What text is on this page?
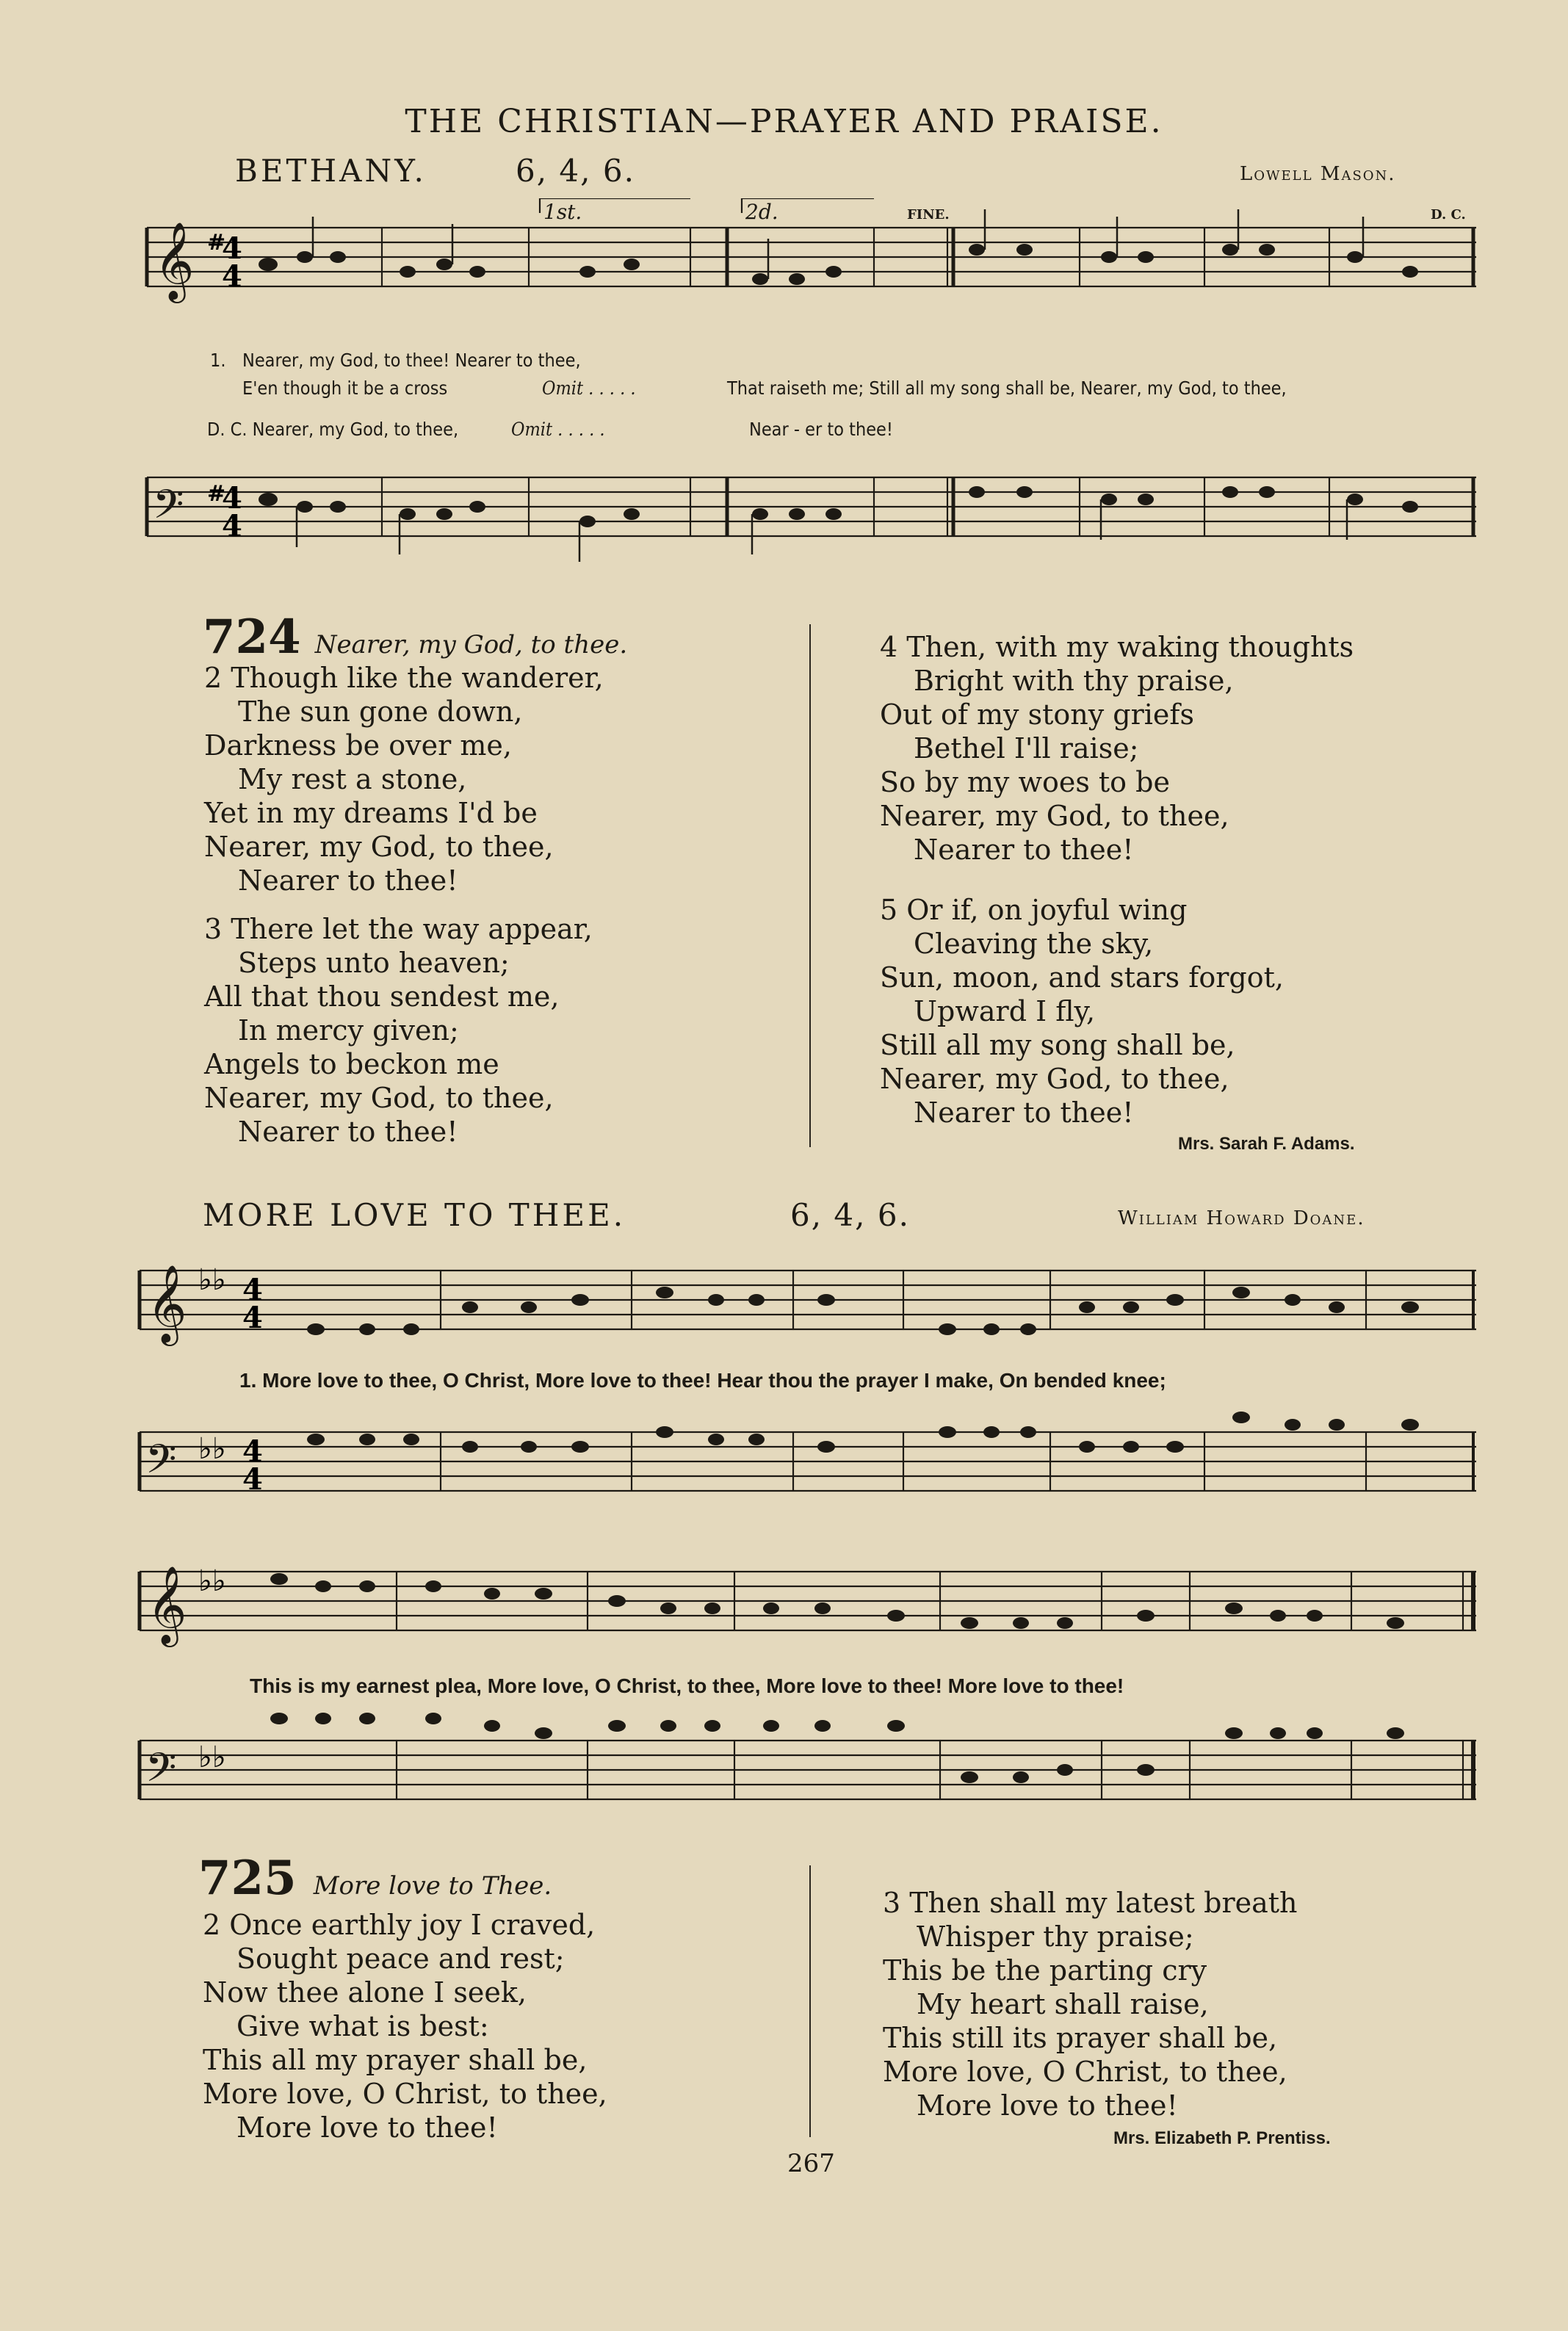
THE CHRISTIAN—PRAYER AND PRAISE.
BETHANY.	6, 4, 6.	Lowell Mason.
𝄞 #
4
4
1st.	2d.	FINE.	D. C.
1. Nearer, my God, to thee! Nearer to thee,
E'en though it be a cross	Omit . . . . .	That raiseth me; Still all my song shall be, Nearer, my God, to thee,
D. C. Nearer, my God, to thee,	Omit . . . . .	Near - er to thee!
𝄢 #
4
4
724 Nearer, my God, to thee.
2 Though like the wanderer,
The sun gone down,
Darkness be over me,
My rest a stone,
Yet in my dreams I'd be
Nearer, my God, to thee,
Nearer to thee!
3 There let the way appear,
Steps unto heaven;
All that thou sendest me,
In mercy given;
Angels to beckon me
Nearer, my God, to thee,
Nearer to thee!
4 Then, with my waking thoughts
Bright with thy praise,
Out of my stony griefs
Bethel I'll raise;
So by my woes to be
Nearer, my God, to thee,
Nearer to thee!
5 Or if, on joyful wing
Cleaving the sky,
Sun, moon, and stars forgot,
Upward I fly,
Still all my song shall be,
Nearer, my God, to thee,
Nearer to thee!
Mrs. Sarah F. Adams.
MORE LOVE TO THEE.	6, 4, 6.	William Howard Doane.
𝄞 ♭♭ 4
4
1. More love to thee, O Christ, More love to thee! Hear thou the prayer I make, On bended knee;
𝄢 ♭♭ 4
4
𝄞 ♭♭
This is my earnest plea, More love, O Christ, to thee, More love to thee! More love to thee!
𝄢 ♭♭
725 More love to Thee.
2 Once earthly joy I craved,
Sought peace and rest;
Now thee alone I seek,
Give what is best:
This all my prayer shall be,
More love, O Christ, to thee,
More love to thee!
3 Then shall my latest breath
Whisper thy praise;
This be the parting cry
My heart shall raise,
This still its prayer shall be,
More love, O Christ, to thee,
More love to thee!
Mrs. Elizabeth P. Prentiss.
267
